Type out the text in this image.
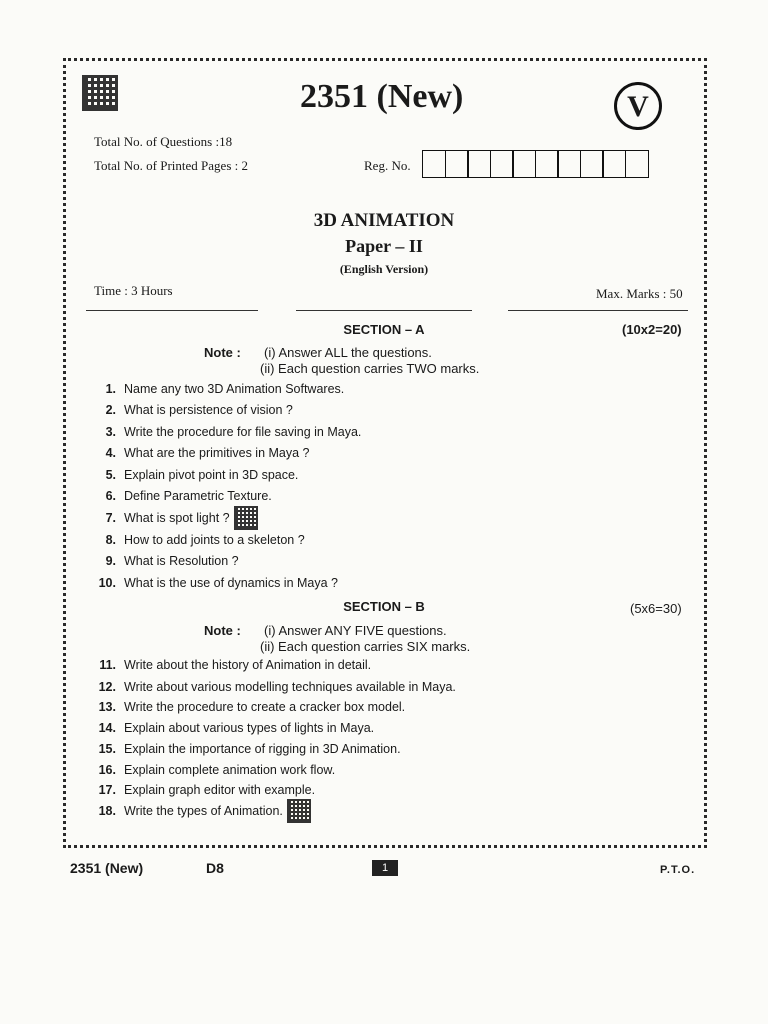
2351 (New)	V
Total No. of Questions :18
Total No. of Printed Pages : 2	Reg. No.
3D ANIMATION
Paper – II
(English Version)
Time : 3 Hours	Max. Marks : 50
SECTION – A	(10x2=20)
Note : (i) Answer ALL the questions.
(ii) Each question carries TWO marks.
1. Name any two 3D Animation Softwares.
2. What is persistence of vision ?
3. Write the procedure for file saving in Maya.
4. What are the primitives in Maya ?
5. Explain pivot point in 3D space.
6. Define Parametric Texture.
7. What is spot light ?
8. How to add joints to a skeleton ?
9. What is Resolution ?
10. What is the use of dynamics in Maya ?
SECTION – B	(5x6=30)
Note : (i) Answer ANY FIVE questions.
(ii) Each question carries SIX marks.
11. Write about the history of Animation in detail.
12. Write about various modelling techniques available in Maya.
13. Write the procedure to create a cracker box model.
14. Explain about various types of lights in Maya.
15. Explain the importance of rigging in 3D Animation.
16. Explain complete animation work flow.
17. Explain graph editor with example.
18. Write the types of Animation.
2351 (New)	D8	1	P.T.O.
